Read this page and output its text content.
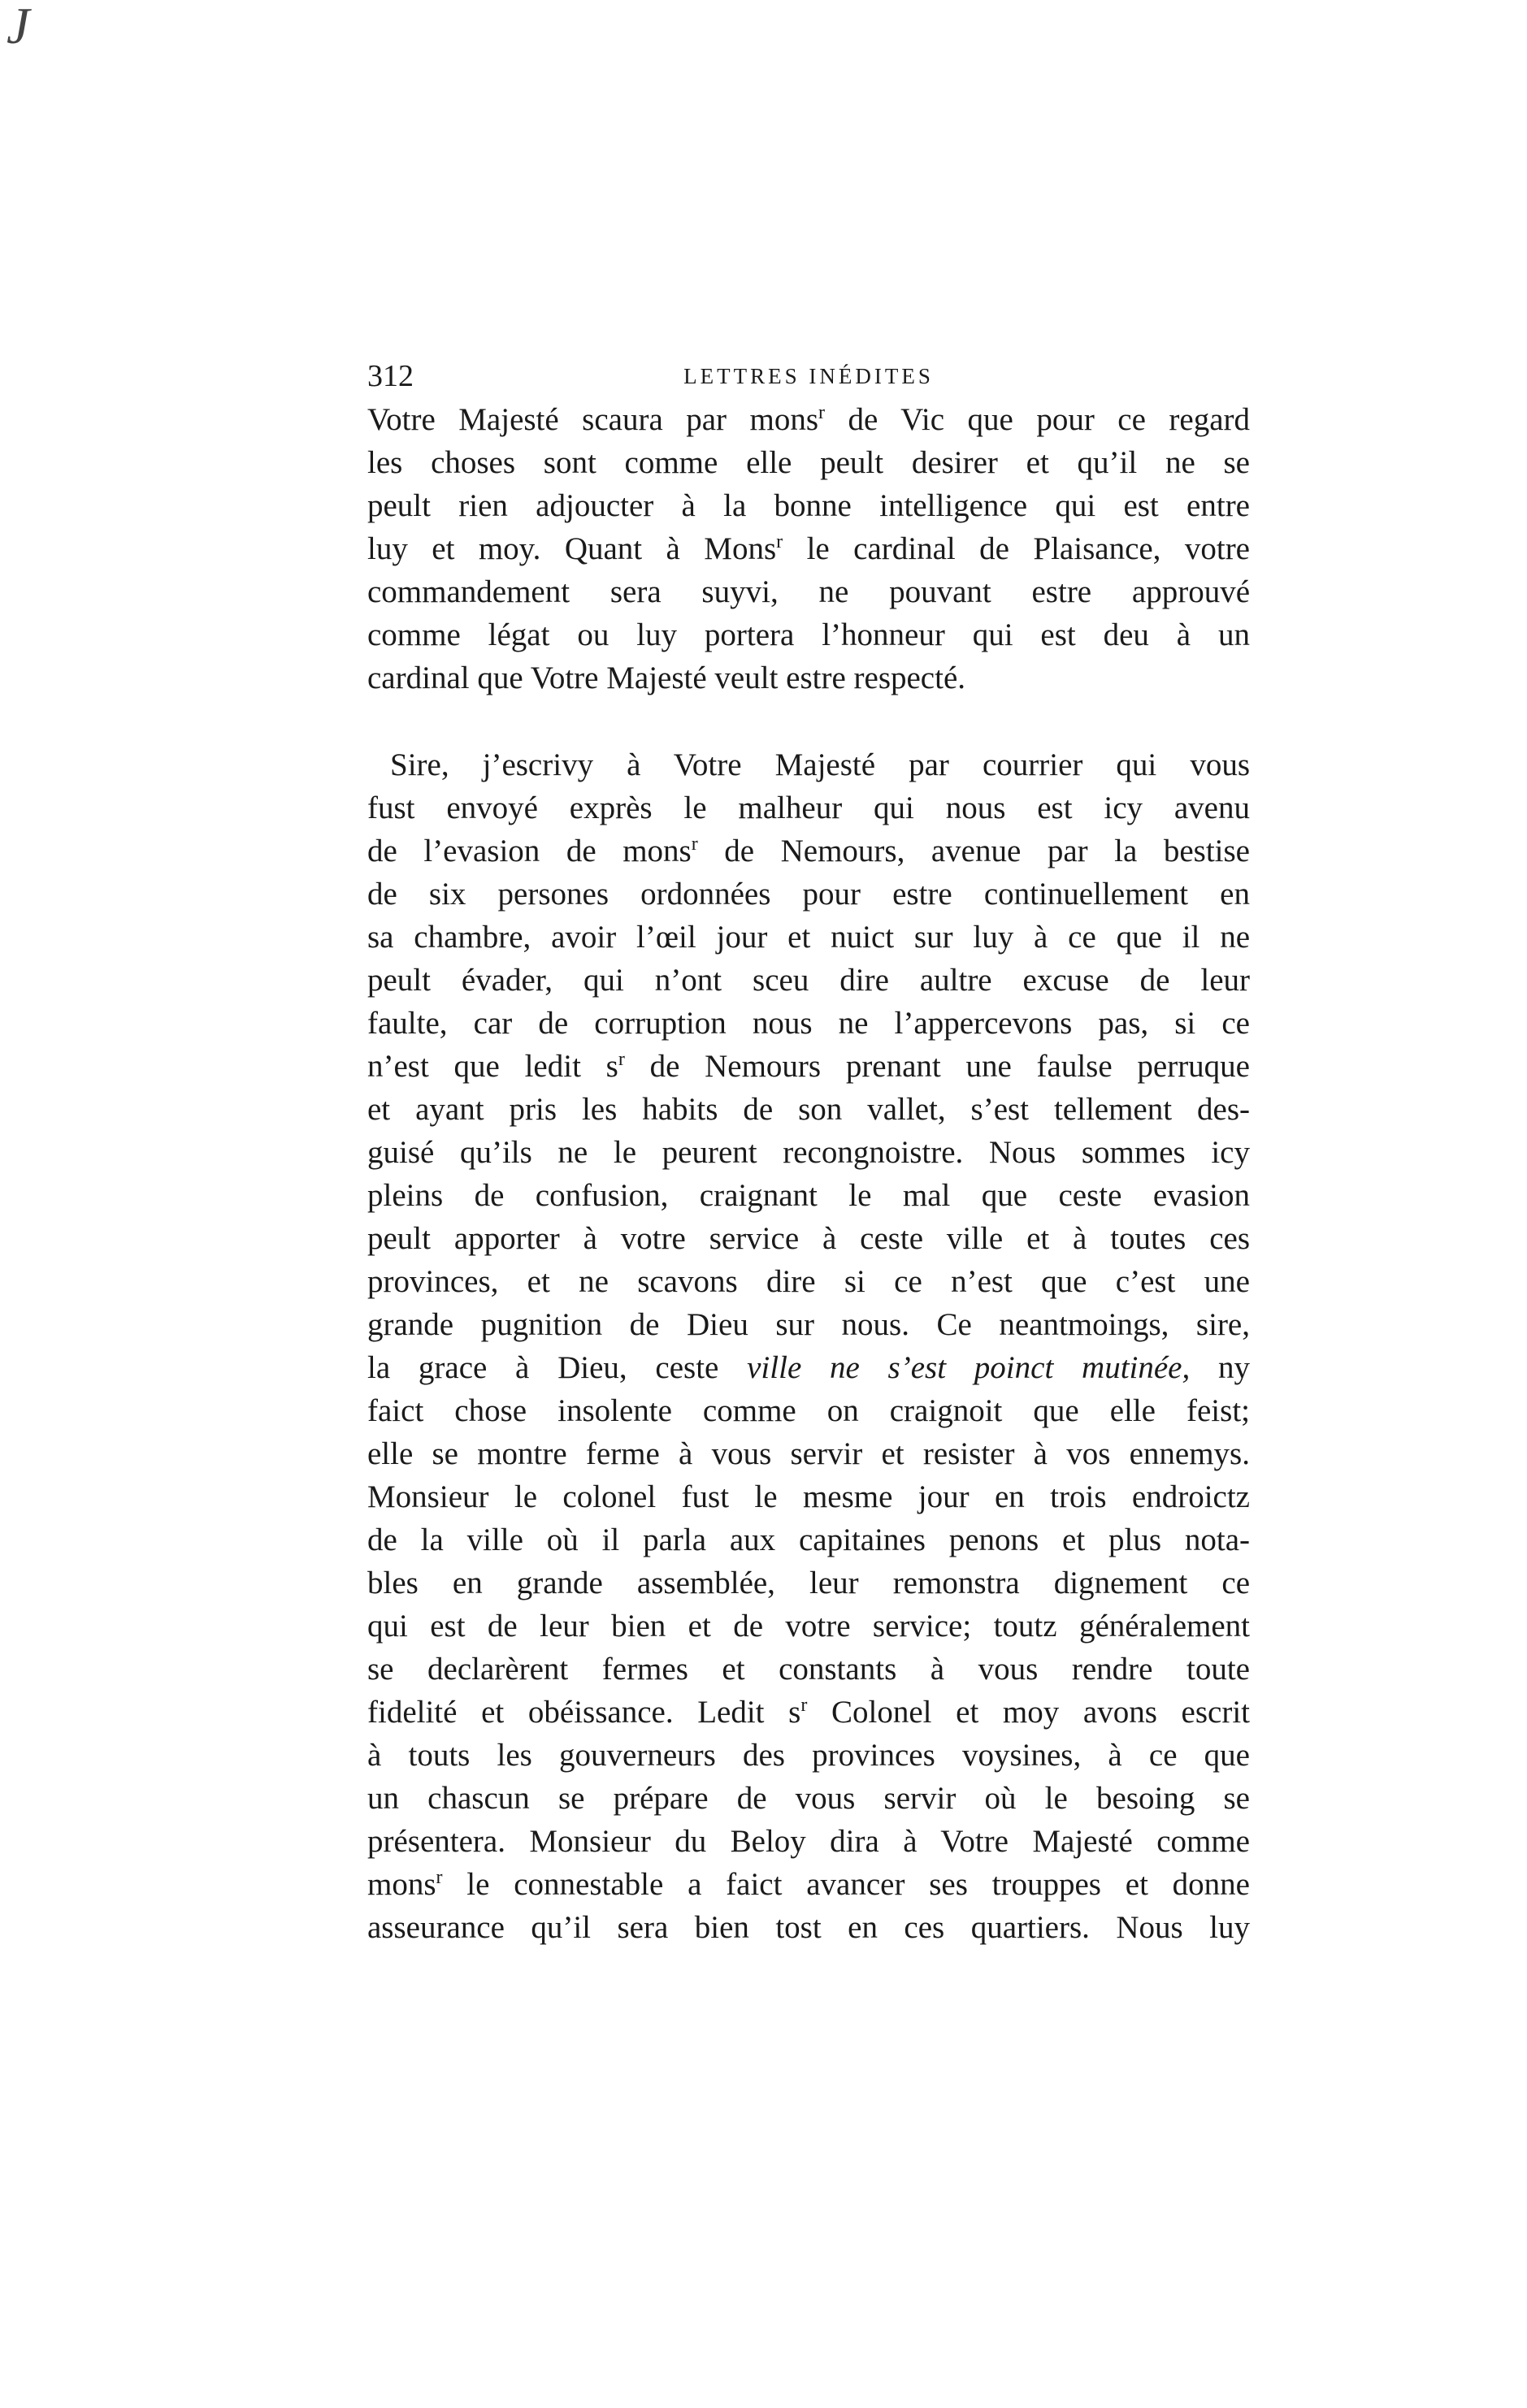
J
312	LETTRES INÉDITES
Votre Majesté scaura par mons$^r$ de Vic que pour ce regard
les choses sont comme elle peult desirer et qu’il ne se
peult rien adjoucter à la bonne intelligence qui est entre
luy et moy. Quant à Mons$^r$ le cardinal de Plaisance, votre
commandement sera suyvi, ne pouvant estre approuvé
comme légat ou luy portera l’honneur qui est deu à un
cardinal que Votre Majesté veult estre respecté.
Sire, j’escrivy à Votre Majesté par courrier qui vous
fust envoyé exprès le malheur qui nous est icy avenu
de l’evasion de mons$^r$ de Nemours, avenue par la bestise
de six persones ordonnées pour estre continuellement en
sa chambre, avoir l’œil jour et nuict sur luy à ce que il ne
peult évader, qui n’ont sceu dire aultre excuse de leur
faulte, car de corruption nous ne l’appercevons pas, si ce
n’est que ledit $s^r$ de Nemours prenant une faulse perruque
et ayant pris les habits de son vallet, s’est tellement des-
guisé qu’ils ne le peurent recongnoistre. Nous sommes icy
pleins de confusion, craignant le mal que ceste evasion
peult apporter à votre service à ceste ville et à toutes ces
provinces, et ne scavons dire si ce n’est que c’est une
grande pugnition de Dieu sur nous. Ce neantmoings, sire,
la grace à Dieu, ceste ville ne s’est poinct mutinée, ny
faict chose insolente comme on craignoit que elle feist;
elle se montre ferme à vous servir et resister à vos ennemys.
Monsieur le colonel fust le mesme jour en trois endroictz
de la ville où il parla aux capitaines penons et plus nota-
bles en grande assemblée, leur remonstra dignement ce
qui est de leur bien et de votre service; toutz généralement
se declarèrent fermes et constants à vous rendre toute
fidelité et obéissance. Ledit $s^r$ Colonel et moy avons escrit
à touts les gouverneurs des provinces voysines, à ce que
un chascun se prépare de vous servir où le besoing se
présentera. Monsieur du Beloy dira à Votre Majesté comme
mons$^r$ le connestable a faict avancer ses trouppes et donne
asseurance qu’il sera bien tost en ces quartiers. Nous luy
